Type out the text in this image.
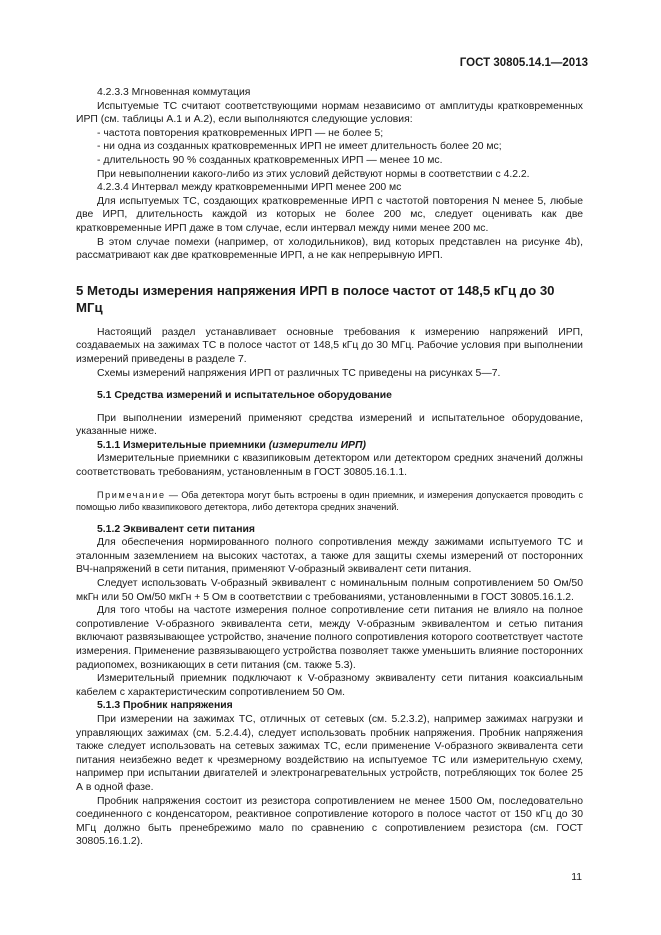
ГОСТ 30805.14.1—2013

4.2.3.3 Мгновенная коммутация

Испытуемые ТС считают соответствующими нормам независимо от амплитуды кратковременных ИРП (см. таблицы А.1 и А.2), если выполняются следующие условия:

- частота повторения кратковременных ИРП — не более 5;

- ни одна из созданных кратковременных ИРП не имеет длительность более 20 мс;

- длительность 90 % созданных кратковременных ИРП — менее 10 мс.

При невыполнении какого-либо из этих условий действуют нормы в соответствии с 4.2.2.

4.2.3.4 Интервал между кратковременными ИРП менее 200 мс

Для испытуемых ТС, создающих кратковременные ИРП с частотой повторения N менее 5, любые две ИРП, длительность каждой из которых не более 200 мс, следует оценивать как две кратковременные ИРП даже в том случае, если интервал между ними менее 200 мс.

В этом случае помехи (например, от холодильников), вид которых представлен на рисунке 4b), рассматривают как две кратковременные ИРП, а не как непрерывную ИРП.

5 Методы измерения напряжения ИРП в полосе частот от 148,5 кГц до 30 МГц

Настоящий раздел устанавливает основные требования к измерению напряжений ИРП, создаваемых на зажимах ТС в полосе частот от 148,5 кГц до 30 МГц. Рабочие условия при выполнении измерений приведены в разделе 7.

Схемы измерений напряжения ИРП от различных ТС приведены на рисунках 5—7.

5.1 Средства измерений и испытательное оборудование

При выполнении измерений применяют средства измерений и испытательное оборудование, указанные ниже.

5.1.1 Измерительные приемники (измерители ИРП)

Измерительные приемники с квазипиковым детектором или детектором средних значений должны соответствовать требованиям, установленным в ГОСТ 30805.16.1.1.

Примечание — Оба детектора могут быть встроены в один приемник, и измерения допускается проводить с помощью либо квазипикового детектора, либо детектора средних значений.

5.1.2 Эквивалент сети питания

Для обеспечения нормированного полного сопротивления между зажимами испытуемого ТС и эталонным заземлением на высоких частотах, а также для защиты схемы измерений от посторонних ВЧ-напряжений в сети питания, применяют V-образный эквивалент сети питания.

Следует использовать V-образный эквивалент с номинальным полным сопротивлением 50 Ом/50 мкГн или 50 Ом/50 мкГн + 5 Ом в соответствии с требованиями, установленными в ГОСТ 30805.16.1.2.

Для того чтобы на частоте измерения полное сопротивление сети питания не влияло на полное сопротивление V-образного эквивалента сети, между V-образным эквивалентом и сетью питания включают развязывающее устройство, значение полного сопротивления которого соответствует частоте измерения. Применение развязывающего устройства позволяет также уменьшить влияние посторонних радиопомех, возникающих в сети питания (см. также 5.3).

Измерительный приемник подключают к V-образному эквиваленту сети питания коаксиальным кабелем с характеристическим сопротивлением 50 Ом.

5.1.3 Пробник напряжения

При измерении на зажимах ТС, отличных от сетевых (см. 5.2.3.2), например зажимах нагрузки и управляющих зажимах (см. 5.2.4.4), следует использовать пробник напряжения. Пробник напряжения также следует использовать на сетевых зажимах ТС, если применение V-образного эквивалента сети питания неизбежно ведет к чрезмерному воздействию на испытуемое ТС или измерительную схему, например при испытании двигателей и электронагревательных устройств, потребляющих ток более 25 А в одной фазе.

Пробник напряжения состоит из резистора сопротивлением не менее 1500 Ом, последовательно соединенного с конденсатором, реактивное сопротивление которого в полосе частот от 150 кГц до 30 МГц должно быть пренебрежимо мало по сравнению с сопротивлением резистора (см. ГОСТ 30805.16.1.2).

11
